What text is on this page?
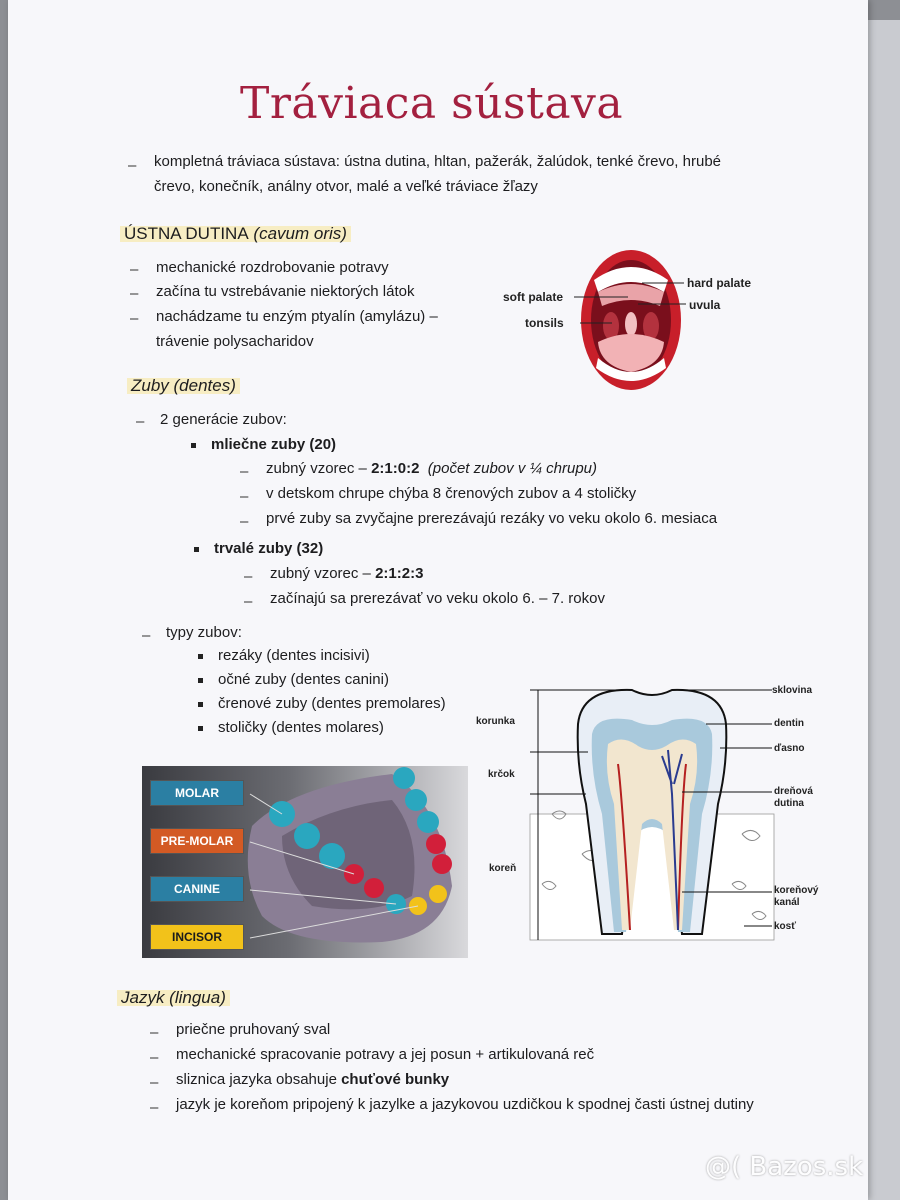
Tráviaca sústava
– kompletná tráviaca sústava: ústna dutina, hltan, pažerák, žalúdok, tenké črevo, hrubé
črevo, konečník, análny otvor, malé a veľké tráviace žľazy
ÚSTNA DUTINA (cavum oris)
– mechanické rozdrobovanie potravy
– začína tu vstrebávanie niektorých látok
– nachádzame tu enzým ptyalín (amylázu) –
trávenie polysacharidov
soft palate
tonsils
hard palate
uvula
Zuby (dentes)
– 2 generácie zubov:
mliečne zuby (20)
– zubný vzorec – 2:1:0:2 (počet zubov v ¼ chrupu)
– v detskom chrupe chýba 8 črenových zubov a 4 stoličky
– prvé zuby sa zvyčajne prerezávajú rezáky vo veku okolo 6. mesiaca
trvalé zuby (32)
– zubný vzorec – 2:1:2:3
– začínajú sa prerezávať vo veku okolo 6. – 7. rokov
– typy zubov:
rezáky (dentes incisivi)
očné zuby (dentes canini)
črenové zuby (dentes premolares)
stoličky (dentes molares)
MOLAR
PRE-MOLAR
CANINE
INCISOR
korunka
krčok
koreň
sklovina
dentin
ďasno
dreňová
dutina
koreňový
kanál
kosť
Jazyk (lingua)
– priečne pruhovaný sval
– mechanické spracovanie potravy a jej posun + artikulovaná reč
– sliznica jazyka obsahuje chuťové bunky
– jazyk je koreňom pripojený k jazylke a jazykovou uzdičkou k spodnej časti ústnej dutiny
@( Bazos.sk
